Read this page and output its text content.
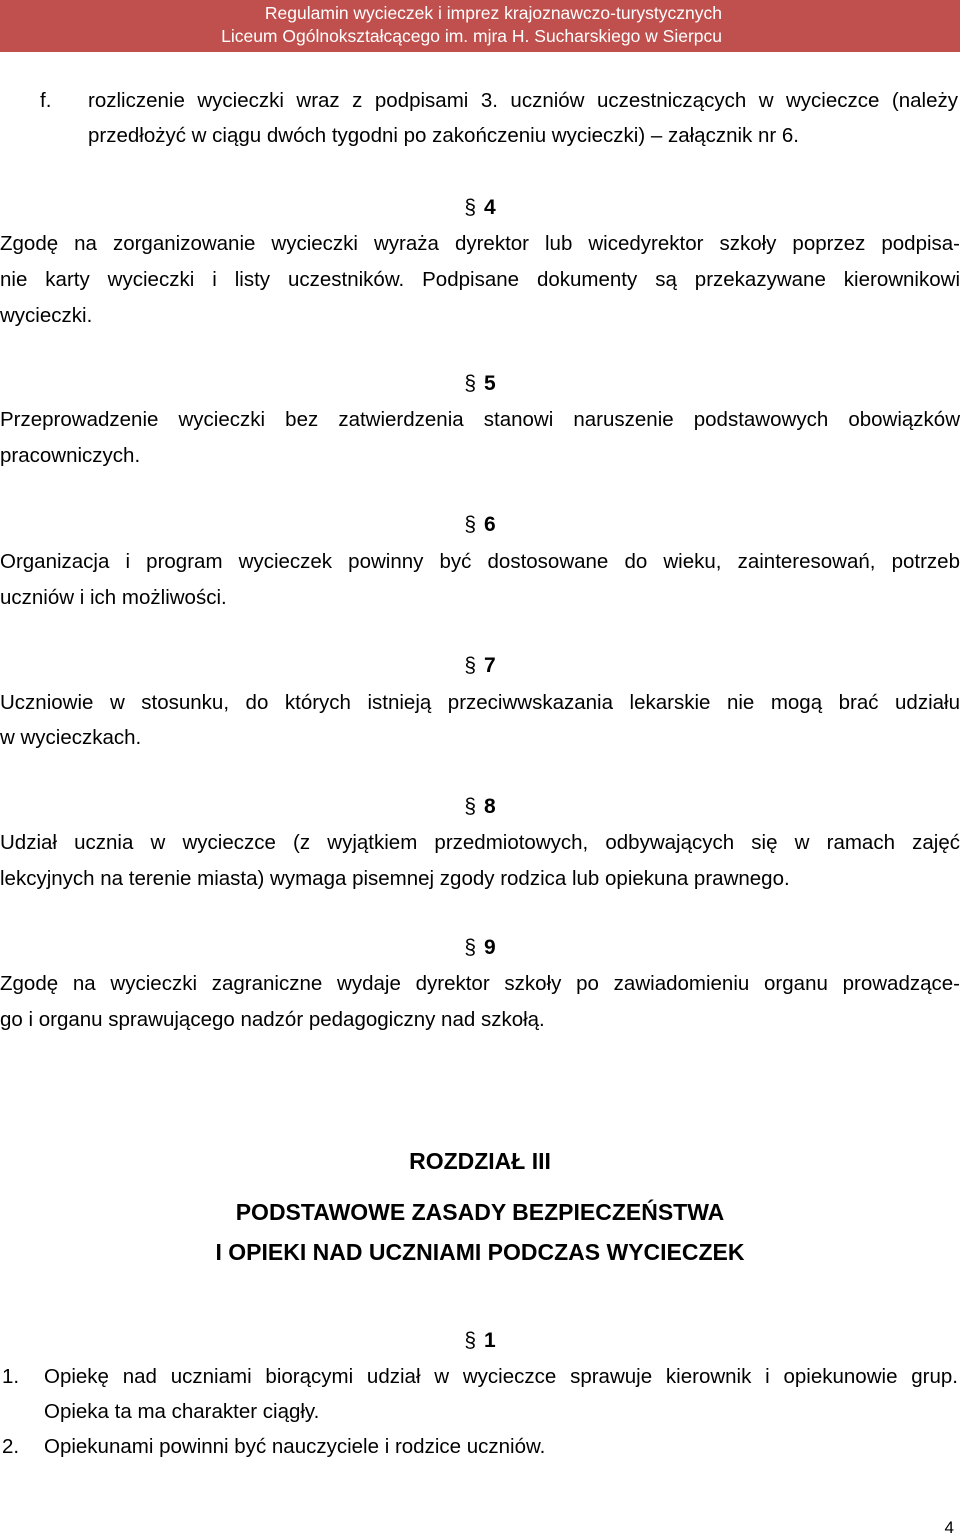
Regulamin wycieczek i imprez krajoznawczo-turystycznych
Liceum Ogólnokształcącego im. mjra H. Sucharskiego w Sierpcu
f. rozliczenie wycieczki wraz z podpisami 3. uczniów uczestniczących w wycieczce (należy
przedłożyć w ciągu dwóch tygodni po zakończeniu wycieczki) – załącznik nr 6.
§ 4
Zgodę na zorganizowanie wycieczki wyraża dyrektor lub wicedyrektor szkoły poprzez podpisa-
nie karty wycieczki i listy uczestników. Podpisane dokumenty są przekazywane kierownikowi
wycieczki.
§ 5
Przeprowadzenie wycieczki bez zatwierdzenia stanowi naruszenie podstawowych obowiązków
pracowniczych.
§ 6
Organizacja i program wycieczek powinny być dostosowane do wieku, zainteresowań, potrzeb
uczniów i ich możliwości.
§ 7
Uczniowie w stosunku, do których istnieją przeciwwskazania lekarskie nie mogą brać udziału
w wycieczkach.
§ 8
Udział ucznia w wycieczce (z wyjątkiem przedmiotowych, odbywających się w ramach zajęć
lekcyjnych na terenie miasta) wymaga pisemnej zgody rodzica lub opiekuna prawnego.
§ 9
Zgodę na wycieczki zagraniczne wydaje dyrektor szkoły po zawiadomieniu organu prowadzące-
go i organu sprawującego nadzór pedagogiczny nad szkołą.
ROZDZIAŁ III
PODSTAWOWE ZASADY BEZPIECZEŃSTWA
I OPIEKI NAD UCZNIAMI PODCZAS WYCIECZEK
§ 1
1. Opiekę nad uczniami biorącymi udział w wycieczce sprawuje kierownik i opiekunowie grup.
Opieka ta ma charakter ciągły.
2. Opiekunami powinni być nauczyciele i rodzice uczniów.
4
